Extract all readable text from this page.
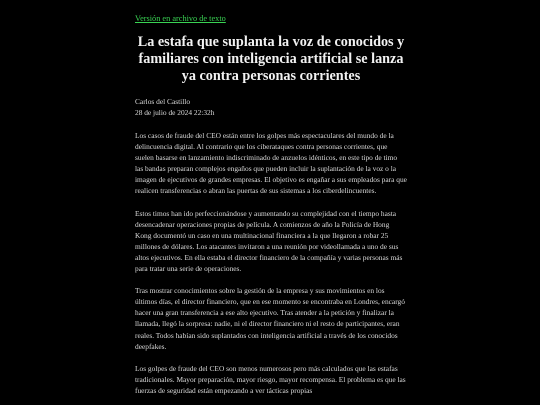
Versión en archivo de texto
La estafa que suplanta la voz de conocidos y familiares con inteligencia artificial se lanza ya contra personas corrientes

Carlos del Castillo

28 de julio de 2024 22:32h

Los casos de fraude del CEO están entre los golpes más espectaculares del mundo de la delincuencia digital. Al contrario que los ciberataques contra personas corrientes, que suelen basarse en lanzamiento indiscriminado de anzuelos idénticos, en este tipo de timo las bandas preparan complejos engaños que pueden incluir la suplantación de la voz o la imagen de ejecutivos de grandes empresas. El objetivo es engañar a sus empleados para que realicen transferencias o abran las puertas de sus sistemas a los ciberdelincuentes.

Estos timos han ido perfeccionándose y aumentando su complejidad con el tiempo hasta desencadenar operaciones propias de película. A comienzos de año la Policía de Hong Kong documentó un caso en una multinacional financiera a la que llegaron a robar 25 millones de dólares. Los atacantes invitaron a una reunión por videollamada a uno de sus altos ejecutivos. En ella estaba el director financiero de la compañía y varias personas más para tratar una serie de operaciones.

Tras mostrar conocimientos sobre la gestión de la empresa y sus movimientos en los últimos días, el director financiero, que en ese momento se encontraba en Londres, encargó hacer una gran transferencia a ese alto ejecutivo. Tras atender a la petición y finalizar la llamada, llegó la sorpresa: nadie, ni el director financiero ni el resto de participantes, eran reales. Todos habían sido suplantados con inteligencia artificial a través de los conocidos deepfakes.

Los golpes de fraude del CEO son menos numerosos pero más calculados que las estafas tradicionales. Mayor preparación, mayor riesgo, mayor recompensa. El problema es que las fuerzas de seguridad están empezando a ver tácticas propias
